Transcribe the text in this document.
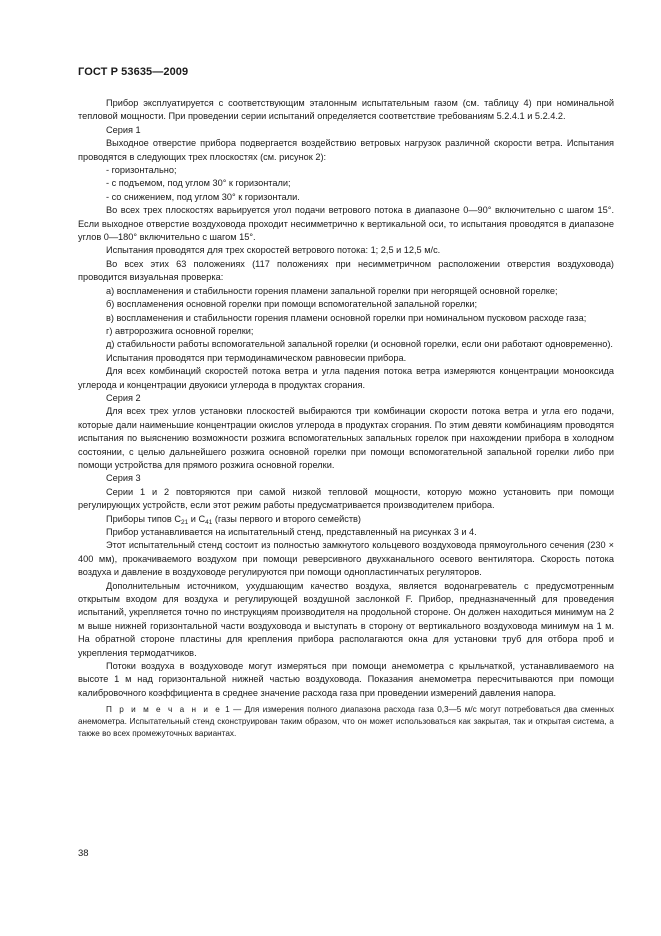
ГОСТ Р 53635—2009

Прибор эксплуатируется с соответствующим эталонным испытательным газом (см. таблицу 4) при номинальной тепловой мощности. При проведении серии испытаний определяется соответствие требованиям 5.2.4.1 и 5.2.4.2.

Серия 1

Выходное отверстие прибора подвергается воздействию ветровых нагрузок различной скорости ветра. Испытания проводятся в следующих трех плоскостях (см. рисунок 2):

- горизонтально;

- с подъемом, под углом 30° к горизонтали;

- со снижением, под углом 30° к горизонтали.

Во всех трех плоскостях варьируется угол подачи ветрового потока в диапазоне 0—90° включительно с шагом 15°. Если выходное отверстие воздуховода проходит несимметрично к вертикальной оси, то испытания проводятся в диапазоне углов 0—180° включительно с шагом 15°.

Испытания проводятся для трех скоростей ветрового потока: 1; 2,5 и 12,5 м/с.

Во всех этих 63 положениях (117 положениях при несимметричном расположении отверстия воздуховода) проводится визуальная проверка:

а) воспламенения и стабильности горения пламени запальной горелки при негорящей основной горелке;

б) воспламенения основной горелки при помощи вспомогательной запальной горелки;

в) воспламенения и стабильности горения пламени основной горелки при номинальном пусковом расходе газа;

г) автророзжига основной горелки;

д) стабильности работы вспомогательной запальной горелки (и основной горелки, если они работают одновременно).

Испытания проводятся при термодинамическом равновесии прибора.

Для всех комбинаций скоростей потока ветра и угла падения потока ветра измеряются концентрации монооксида углерода и концентрации двуокиси углерода в продуктах сгорания.

Серия 2

Для всех трех углов установки плоскостей выбираются три комбинации скорости потока ветра и угла его подачи, которые дали наименьшие концентрации окислов углерода в продуктах сгорания. По этим девяти комбинациям проводятся испытания по выяснению возможности розжига вспомогательных запальных горелок при нахождении прибора в холодном состоянии, с целью дальнейшего розжига основной горелки при помощи вспомогательной запальной горелки либо при помощи устройства для прямого розжига основной горелки.

Серия 3

Серии 1 и 2 повторяются при самой низкой тепловой мощности, которую можно установить при помощи регулирующих устройств, если этот режим работы предусматривается производителем прибора.

Приборы типов $C_{21}$ и $C_{41}$ (газы первого и второго семейств)

Прибор устанавливается на испытательный стенд, представленный на рисунках 3 и 4.

Этот испытательный стенд состоит из полностью замкнутого кольцевого воздуховода прямоугольного сечения (230 × 400 мм), прокачиваемого воздухом при помощи реверсивного двухканального осевого вентилятора. Скорость потока воздуха и давление в воздуховоде регулируются при помощи однопластинчатых регуляторов.

Дополнительным источником, ухудшающим качество воздуха, является водонагреватель с предусмотренным открытым входом для воздуха и регулирующей воздушной заслонкой F. Прибор, предназначенный для проведения испытаний, укрепляется точно по инструкциям производителя на продольной стороне. Он должен находиться минимум на 2 м выше нижней горизонтальной части воздуховода и выступать в сторону от вертикального воздуховода минимум на 1 м. На обратной стороне пластины для крепления прибора располагаются окна для установки труб для отбора проб и укрепления термодатчиков.

Потоки воздуха в воздуховоде могут измеряться при помощи анемометра с крыльчаткой, устанавливаемого на высоте 1 м над горизонтальной нижней частью воздуховода. Показания анемометра пересчитываются при помощи калибровочного коэффициента в среднее значение расхода газа при проведении измерений давления напора.

П р и м е ч а н и е 1 — Для измерения полного диапазона расхода газа 0,3—5 м/с могут потребоваться два сменных анемометра. Испытательный стенд сконструирован таким образом, что он может использоваться как закрытая, так и открытая система, а также во всех промежуточных вариантах.

38
